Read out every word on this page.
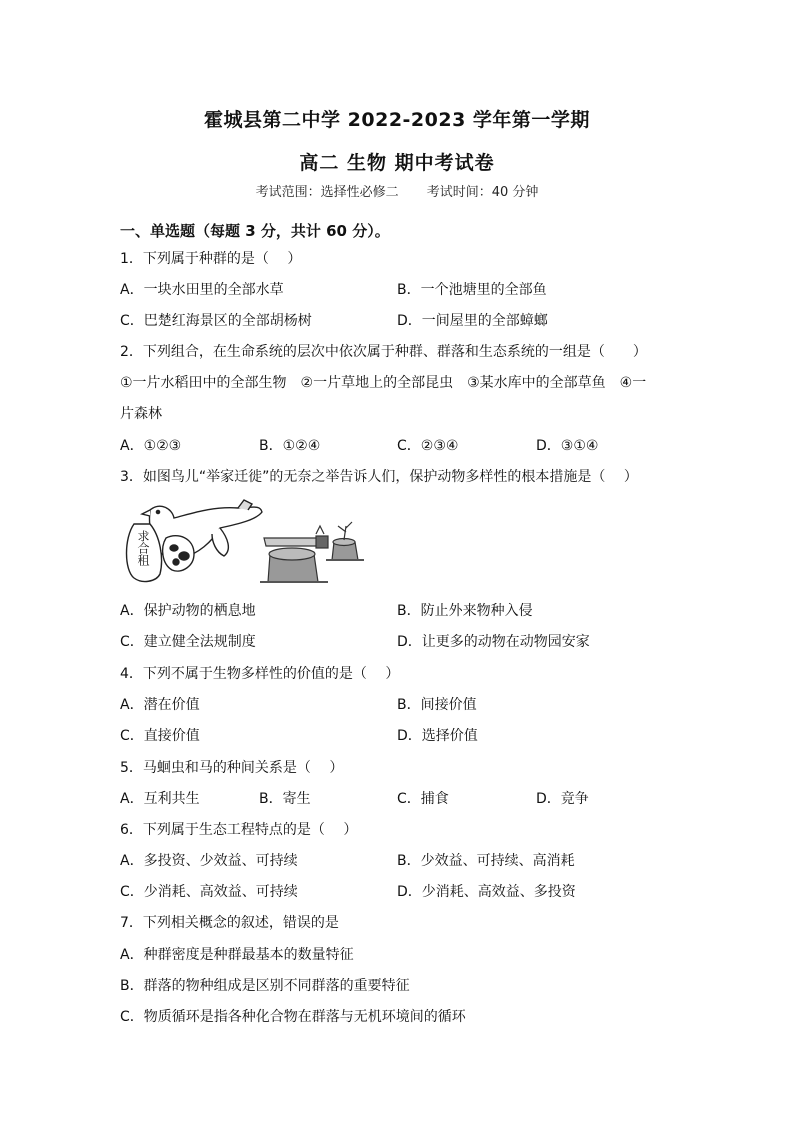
霍城县第二中学 2022-2023 学年第一学期
高二 生物 期中考试卷
考试范围：选择性必修二 考试时间：40 分钟
一、单选题（每题 3 分，共计 60 分）。
1．下列属于种群的是（　 ）
A．一块水田里的全部水草	B．一个池塘里的全部鱼
C．巴楚红海景区的全部胡杨树	D．一间屋里的全部蟑螂
2．下列组合，在生命系统的层次中依次属于种群、群落和生态系统的一组是（　　）
①一片水稻田中的全部生物　②一片草地上的全部昆虫　③某水库中的全部草鱼　④一
片森林
A．①②③	B．①②④	C．②③④	D．③①④
3．如图鸟儿“举家迁徙”的无奈之举告诉人们，保护动物多样性的根本措施是（　 ）
求合租
A．保护动物的栖息地	B．防止外来物种入侵
C．建立健全法规制度	D．让更多的动物在动物园安家
4．下列不属于生物多样性的价值的是（　 ）
A．潜在价值	B．间接价值
C．直接价值	D．选择价值
5．马蛔虫和马的种间关系是（　 ）
A．互利共生	B．寄生	C．捕食	D．竞争
6．下列属于生态工程特点的是（　 ）
A．多投资、少效益、可持续	B．少效益、可持续、高消耗
C．少消耗、高效益、可持续	D．少消耗、高效益、多投资
7．下列相关概念的叙述，错误的是
A．种群密度是种群最基本的数量特征
B．群落的物种组成是区别不同群落的重要特征
C．物质循环是指各种化合物在群落与无机环境间的循环
